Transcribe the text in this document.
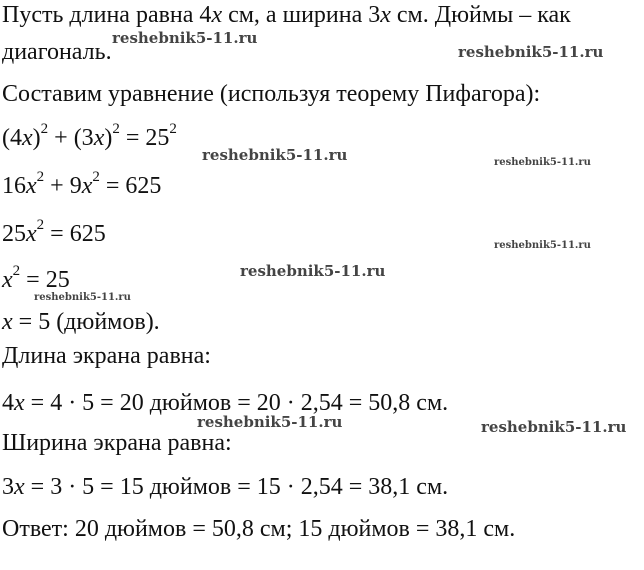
Пусть длина равна 4x см, а ширина 3x см. Дюймы – как
диагональ.
Составим уравнение (используя теорему Пифагора):
$(4x)^2 + (3x)^2 = 25^2$
$16x^2 + 9x^2 = 625$
$25x^2 = 625$
$x^2 = 25$
x = 5 (дюймов).
Длина экрана равна:
4x = 4 · 5 = 20 дюймов = 20 · 2,54 = 50,8 см.
Ширина экрана равна:
3x = 3 · 5 = 15 дюймов = 15 · 2,54 = 38,1 см.
Ответ: 20 дюймов = 50,8 см; 15 дюймов = 38,1 см.
reshebnik5-11.ru
reshebnik5-11.ru
reshebnik5-11.ru	reshebnik5-11.ru
reshebnik5-11.ru
reshebnik5-11.ru
reshebnik5-11.ru
reshebnik5-11.ru	reshebnik5-11.ru
